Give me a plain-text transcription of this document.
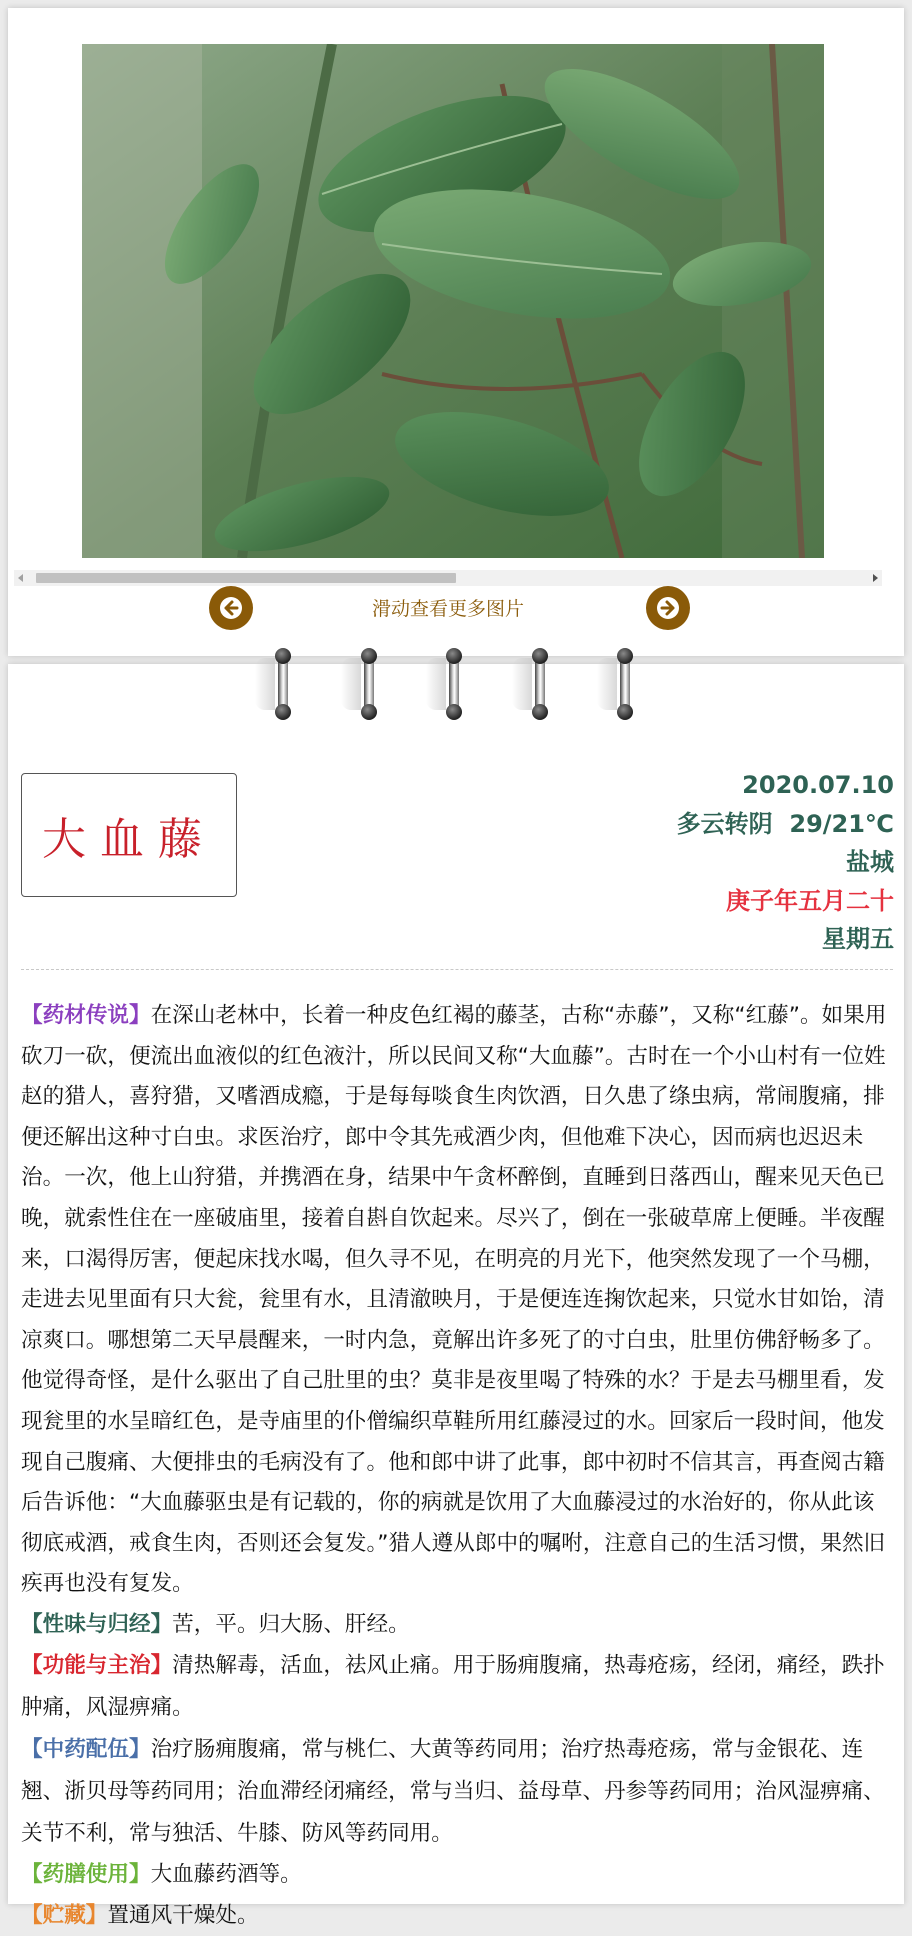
滑动查看更多图片
大血藤
2020.07.10
多云转阴  29/21℃
盐城
庚子年五月二十
星期五

【药材传说】在深山老林中，长着一种皮色红褐的藤茎，古称“赤藤”，又称“红藤”。如果用砍刀一砍，便流出血液似的红色液汁，所以民间又称“大血藤”。古时在一个小山村有一位姓赵的猎人，喜狩猎，又嗜酒成瘾，于是每每啖食生肉饮酒，日久患了绦虫病，常闹腹痛，排便还解出这种寸白虫。求医治疗，郎中令其先戒酒少肉，但他难下决心，因而病也迟迟未治。一次，他上山狩猎，并携酒在身，结果中午贪杯醉倒，直睡到日落西山，醒来见天色已晚，就索性住在一座破庙里，接着自斟自饮起来。尽兴了，倒在一张破草席上便睡。半夜醒来，口渴得厉害，便起床找水喝，但久寻不见，在明亮的月光下，他突然发现了一个马棚，走进去见里面有只大瓮，瓮里有水，且清澈映月，于是便连连掬饮起来，只觉水甘如饴，清凉爽口。哪想第二天早晨醒来，一时内急，竟解出许多死了的寸白虫，肚里仿佛舒畅多了。他觉得奇怪，是什么驱出了自己肚里的虫？莫非是夜里喝了特殊的水？于是去马棚里看，发现瓮里的水呈暗红色，是寺庙里的仆僧编织草鞋所用红藤浸过的水。回家后一段时间，他发现自己腹痛、大便排虫的毛病没有了。他和郎中讲了此事，郎中初时不信其言，再查阅古籍后告诉他：“大血藤驱虫是有记载的，你的病就是饮用了大血藤浸过的水治好的，你从此该彻底戒酒，戒食生肉，否则还会复发。”猎人遵从郎中的嘱咐，注意自己的生活习惯，果然旧疾再也没有复发。

【性味与归经】苦，平。归大肠、肝经。

【功能与主治】清热解毒，活血，祛风止痛。用于肠痈腹痛，热毒疮疡，经闭，痛经，跌扑肿痛，风湿痹痛。

【中药配伍】治疗肠痈腹痛，常与桃仁、大黄等药同用；治疗热毒疮疡，常与金银花、连翘、浙贝母等药同用；治血滞经闭痛经，常与当归、益母草、丹参等药同用；治风湿痹痛、关节不利，常与独活、牛膝、防风等药同用。

【药膳使用】大血藤药酒等。

【贮藏】置通风干燥处。
